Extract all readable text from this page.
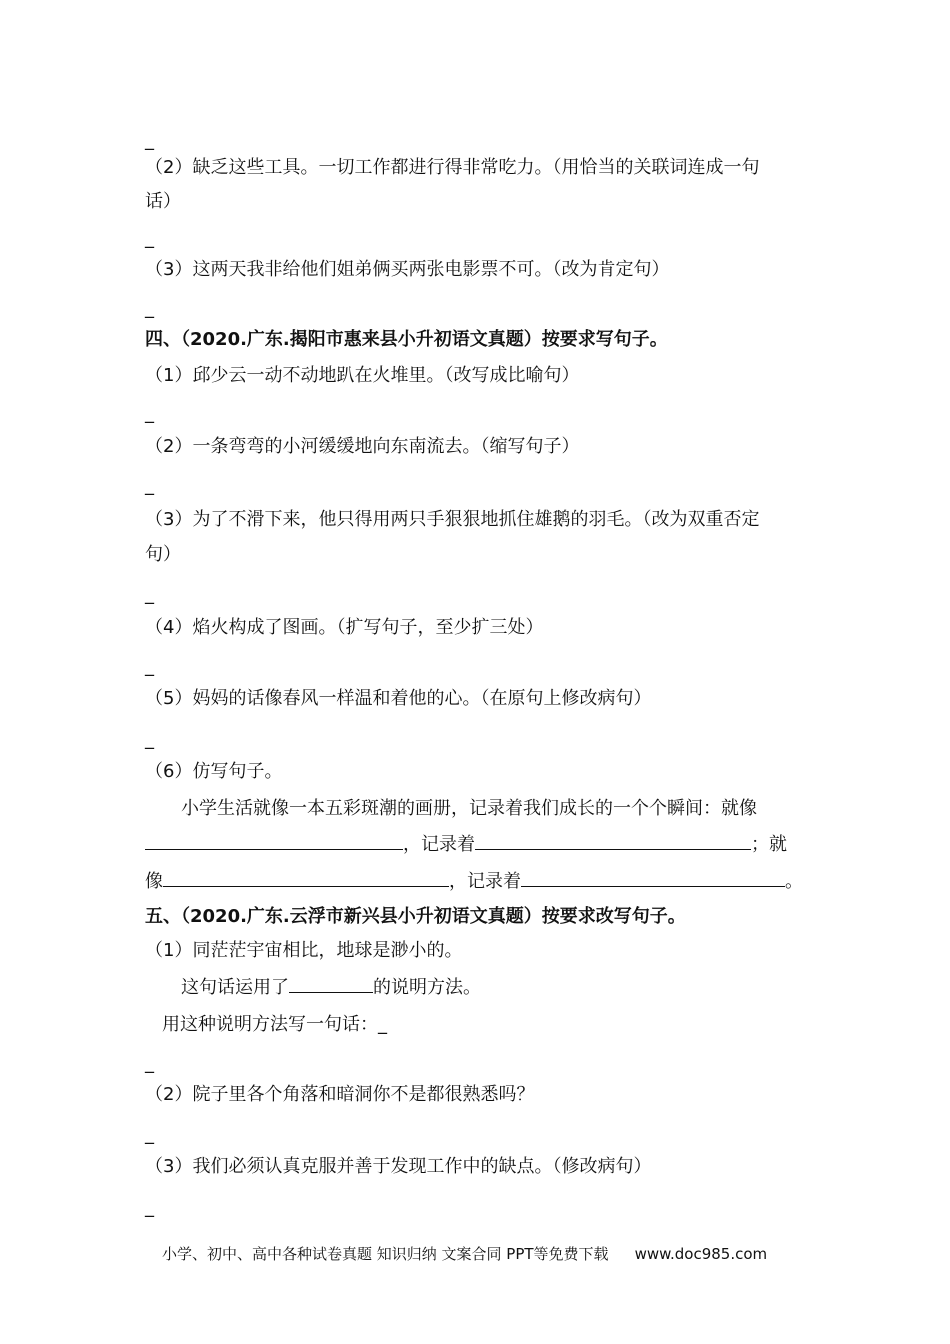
_
（2）缺乏这些工具。一切工作都进行得非常吃力。（用恰当的关联词连成一句
话）
_
（3）这两天我非给他们姐弟俩买两张电影票不可。（改为肯定句）
_
四、（2020.广东.揭阳市惠来县小升初语文真题）按要求写句子。
（1）邱少云一动不动地趴在火堆里。（改写成比喻句）
_
（2）一条弯弯的小河缓缓地向东南流去。（缩写句子）
_
（3）为了不滑下来，他只得用两只手狠狠地抓住雄鹅的羽毛。（改为双重否定
句）
_
（4）焰火构成了图画。（扩写句子，至少扩三处）
_
（5）妈妈的话像春风一样温和着他的心。（在原句上修改病句）
_
（6）仿写句子。
小学生活就像一本五彩斑潮的画册，记录着我们成长的一个个瞬间：就像
，记录着	；就
像	，记录着	。
五、（2020.广东.云浮市新兴县小升初语文真题）按要求改写句子。
（1）同茫茫宇宙相比，地球是渺小的。
这句话运用了	的说明方法。
用这种说明方法写一句话：_
_
（2）院子里各个角落和暗洞你不是都很熟悉吗？
_
（3）我们必须认真克服并善于发现工作中的缺点。（修改病句）
_
小学、初中、高中各种试卷真题 知识归纳 文案合同 PPT等免费下载 www.doc985.com
